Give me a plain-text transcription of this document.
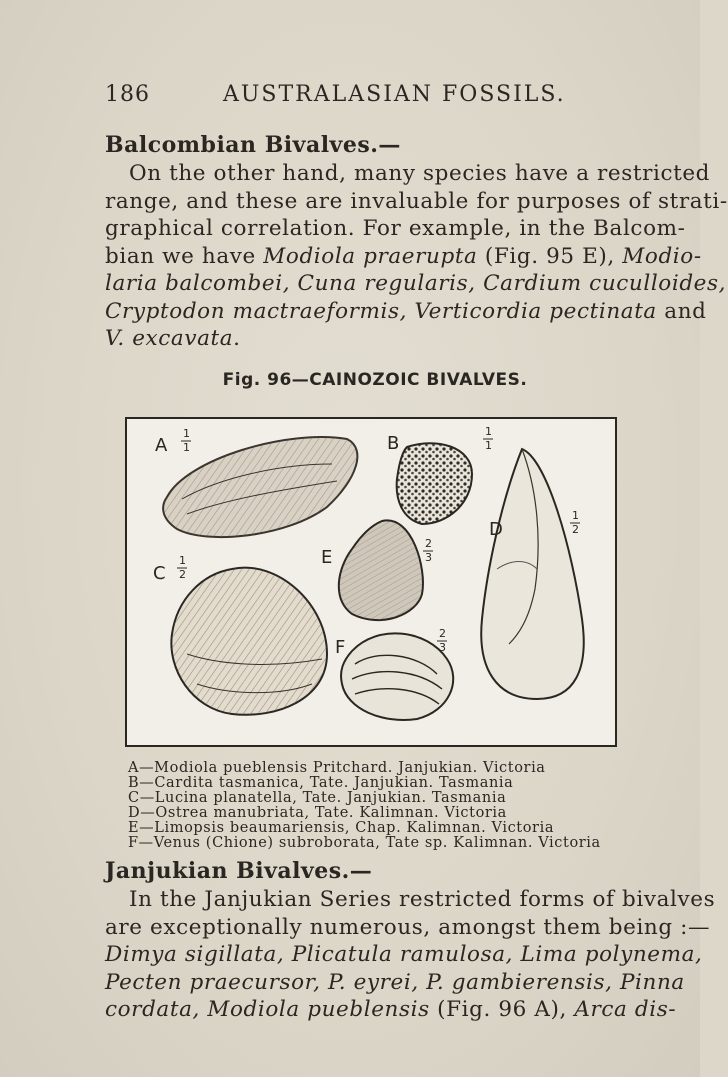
186	AUSTRALASIAN FOSSILS.
Balcombian Bivalves.—
On the other hand, many species have a restricted
range, and these are invaluable for purposes of strati-
graphical correlation. For example, in the Balcom-
bian we have Modiola praerupta (Fig. 95 E), Modio-
laria balcombei, Cuna regularis, Cardium cuculloides,
Cryptodon mactraeformis, Verticordia pectinata and
V. excavata.
Fig. 96—CAINOZOIC BIVALVES.
A	B
C
D
E
F
1 1
1 1
1 2
1 2
2 3
2 3
A—Modiola pueblensis Pritchard. Janjukian. Victoria
B—Cardita tasmanica, Tate. Janjukian. Tasmania
C—Lucina planatella, Tate. Janjukian. Tasmania
D—Ostrea manubriata, Tate. Kalimnan. Victoria
E—Limopsis beaumariensis, Chap. Kalimnan. Victoria
F—Venus (Chione) subroborata, Tate sp. Kalimnan. Victoria
Janjukian Bivalves.—
In the Janjukian Series restricted forms of bivalves
are exceptionally numerous, amongst them being :—
Dimya sigillata, Plicatula ramulosa, Lima polynema,
Pecten praecursor, P. eyrei, P. gambierensis, Pinna
cordata, Modiola pueblensis (Fig. 96 A), Arca dis-
